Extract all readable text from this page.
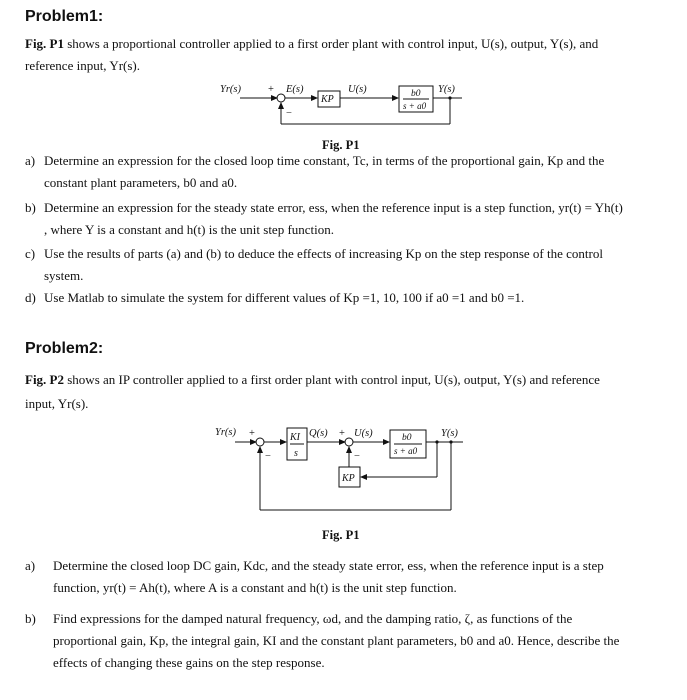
Problem1:
Fig. P1 shows a proportional controller applied to a first order plant with control input, U(s), output, Y(s), and
reference input, Yr(s).
Yr(s)	+
−
E(s)
KP
U(s)	b0
s + a0
Y(s)
Fig. P1
a) Determine an expression for the closed loop time constant, Tc, in terms of the proportional gain, Kp and the
constant plant parameters, b0 and a0.
b) Determine an expression for the steady state error, ess, when the reference input is a step function, yr(t) = Yh(t)
, where Y is a constant and h(t) is the unit step function.
c) Use the results of parts (a) and (b) to deduce the effects of increasing Kp on the step response of the control
system.
d) Use Matlab to simulate the system for different values of Kp =1, 10, 100 if a0 =1 and b0 =1.
Problem2:
Fig. P2 shows an IP controller applied to a first order plant with control input, U(s), output, Y(s) and reference
input, Yr(s).
Yr(s) +
−
KI
s
Q(s) +
−
U(s)	b0
s + a0
Y(s)
KP
Fig. P1
a) Determine the closed loop DC gain, Kdc, and the steady state error, ess, when the reference input is a step
function, yr(t) = Ah(t), where A is a constant and h(t) is the unit step function.
b) Find expressions for the damped natural frequency, ωd, and the damping ratio, ζ, as functions of the
proportional gain, Kp, the integral gain, KI and the constant plant parameters, b0 and a0. Hence, describe the
effects of changing these gains on the step response.
